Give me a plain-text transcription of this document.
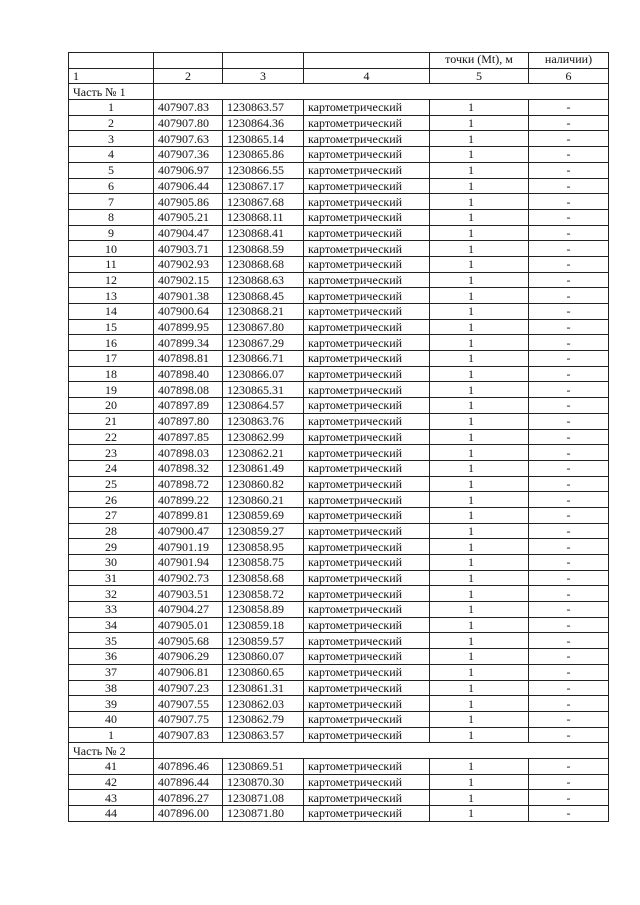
				точки (Mt), м	наличии)
1	2	3	4	5	6
Часть № 1					
1	407907.83	1230863.57	картометрический	1	-
2	407907.80	1230864.36	картометрический	1	-
3	407907.63	1230865.14	картометрический	1	-
4	407907.36	1230865.86	картометрический	1	-
5	407906.97	1230866.55	картометрический	1	-
6	407906.44	1230867.17	картометрический	1	-
7	407905.86	1230867.68	картометрический	1	-
8	407905.21	1230868.11	картометрический	1	-
9	407904.47	1230868.41	картометрический	1	-
10	407903.71	1230868.59	картометрический	1	-
11	407902.93	1230868.68	картометрический	1	-
12	407902.15	1230868.63	картометрический	1	-
13	407901.38	1230868.45	картометрический	1	-
14	407900.64	1230868.21	картометрический	1	-
15	407899.95	1230867.80	картометрический	1	-
16	407899.34	1230867.29	картометрический	1	-
17	407898.81	1230866.71	картометрический	1	-
18	407898.40	1230866.07	картометрический	1	-
19	407898.08	1230865.31	картометрический	1	-
20	407897.89	1230864.57	картометрический	1	-
21	407897.80	1230863.76	картометрический	1	-
22	407897.85	1230862.99	картометрический	1	-
23	407898.03	1230862.21	картометрический	1	-
24	407898.32	1230861.49	картометрический	1	-
25	407898.72	1230860.82	картометрический	1	-
26	407899.22	1230860.21	картометрический	1	-
27	407899.81	1230859.69	картометрический	1	-
28	407900.47	1230859.27	картометрический	1	-
29	407901.19	1230858.95	картометрический	1	-
30	407901.94	1230858.75	картометрический	1	-
31	407902.73	1230858.68	картометрический	1	-
32	407903.51	1230858.72	картометрический	1	-
33	407904.27	1230858.89	картометрический	1	-
34	407905.01	1230859.18	картометрический	1	-
35	407905.68	1230859.57	картометрический	1	-
36	407906.29	1230860.07	картометрический	1	-
37	407906.81	1230860.65	картометрический	1	-
38	407907.23	1230861.31	картометрический	1	-
39	407907.55	1230862.03	картометрический	1	-
40	407907.75	1230862.79	картометрический	1	-
1	407907.83	1230863.57	картометрический	1	-
Часть № 2					
41	407896.46	1230869.51	картометрический	1	-
42	407896.44	1230870.30	картометрический	1	-
43	407896.27	1230871.08	картометрический	1	-
44	407896.00	1230871.80	картометрический	1	-
